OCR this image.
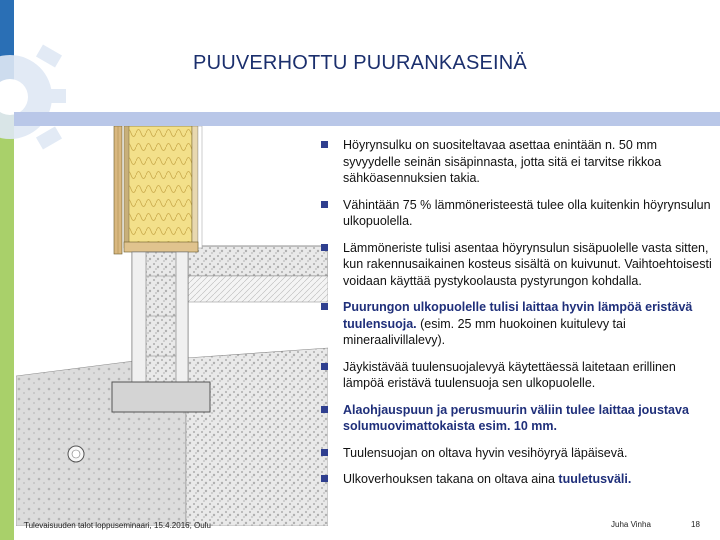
PUUVERHOTTU PUURANKASEINÄ
Höyrynsulku on suositeltavaa asettaa enintään n. 50 mm syvyydelle seinän sisäpinnasta, jotta sitä ei tarvitse rikkoa sähköasennuksien takia.
Vähintään 75 % lämmöneristeestä tulee olla kuitenkin höyrynsulun ulkopuolella.
Lämmöneriste tulisi asentaa höyrynsulun sisäpuolelle vasta sitten, kun rakennusaikainen kosteus sisältä on kuivunut. Vaihtoehtoisesti voidaan käyttää pystykoolausta pystyrungon kohdalla.
Puurungon ulkopuolelle tulisi laittaa hyvin lämpöä eristävä tuulensuoja. (esim. 25 mm huokoinen kuitulevy tai mineraalivillalevy).
Jäykistävää tuulensuojalevyä käytettäessä laitetaan erillinen lämpöä eristävä tuulensuoja sen ulkopuolelle.
Alaohjauspuun ja perusmuurin väliin tulee laittaa joustava solumuovimattokaista esim. 10 mm.
Tuulensuojan on oltava hyvin vesihöyryä läpäisevä.
Ulkoverhouksen takana on oltava aina tuuletusväli.
Tulevaisuuden talot loppuseminaari, 15.4.2016, Oulu	Juha Vinha	18
